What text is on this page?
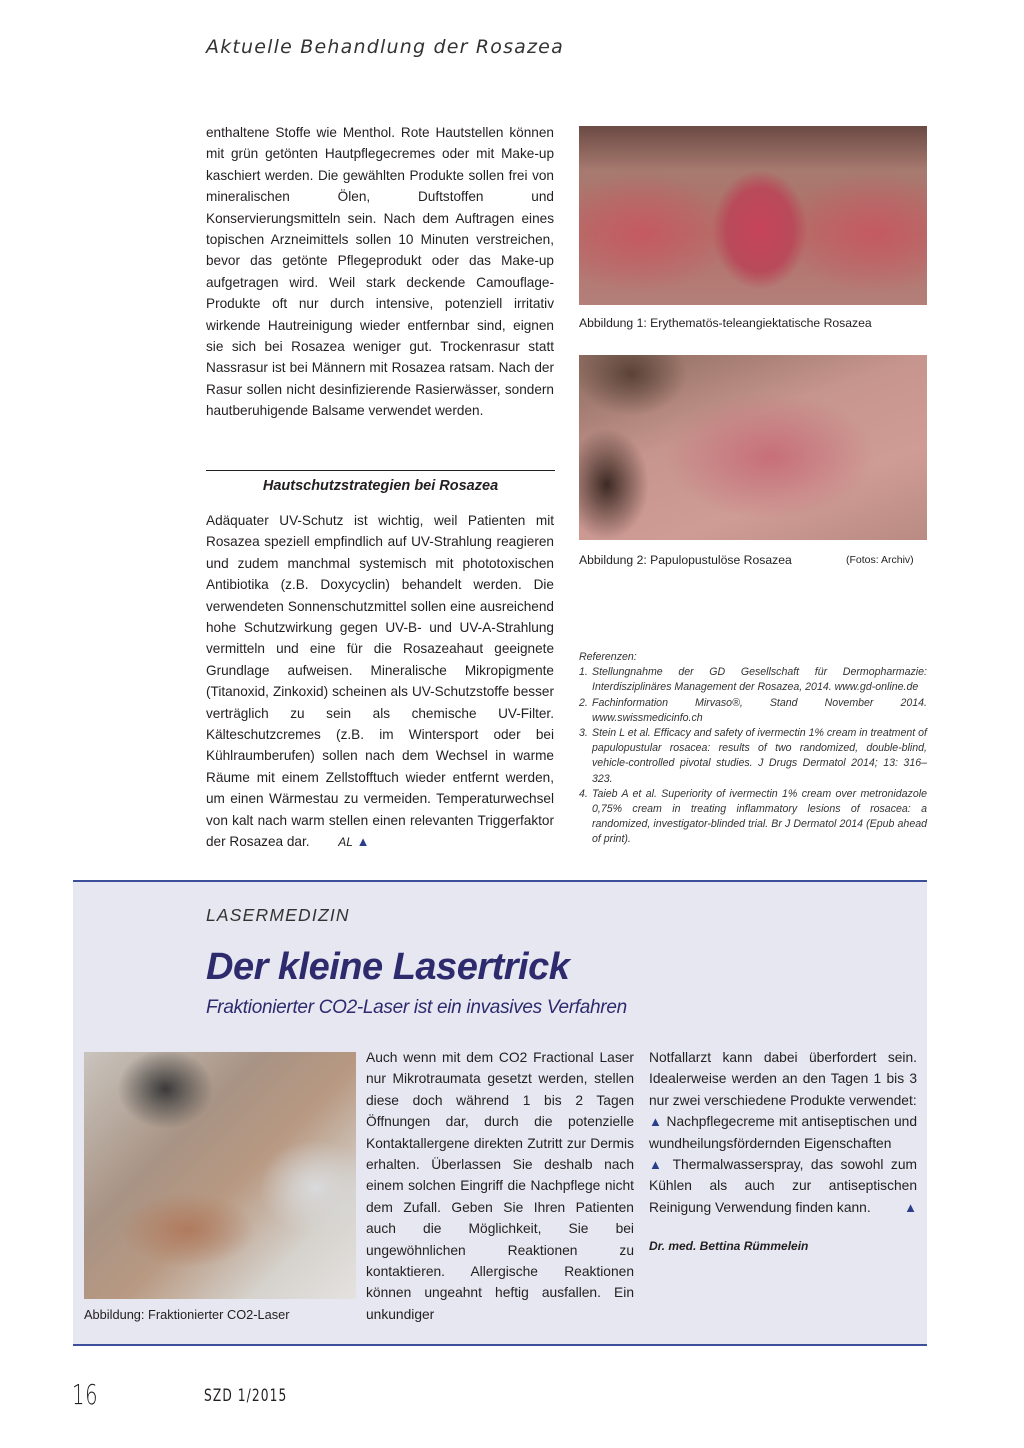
Aktuelle Behandlung der Rosazea

enthaltene Stoffe wie Menthol. Rote Hautstellen können mit grün getönten Hautpflegecremes oder mit Make-up kaschiert werden. Die gewählten Produkte sollen frei von mineralischen Ölen, Duftstoffen und Konservierungsmitteln sein. Nach dem Auftragen eines topischen Arzneimittels sollen 10 Minuten verstreichen, bevor das getönte Pflegeprodukt oder das Make-up aufgetragen wird. Weil stark deckende Camouflage-Produkte oft nur durch intensive, potenziell irritativ wirkende Hautreinigung wieder entfernbar sind, eignen sie sich bei Rosazea weniger gut. Trockenrasur statt Nassrasur ist bei Männern mit Rosazea ratsam. Nach der Rasur sollen nicht desinfizierende Rasierwässer, sondern hautberuhigende Balsame verwendet werden.

Hautschutzstrategien bei Rosazea

Adäquater UV-Schutz ist wichtig, weil Patienten mit Rosazea speziell empfindlich auf UV-Strahlung reagieren und zudem manchmal systemisch mit phototoxischen Antibiotika (z.B. Doxycyclin) behandelt werden. Die verwendeten Sonnenschutzmittel sollen eine ausreichend hohe Schutzwirkung gegen UV-B- und UV-A-Strahlung vermitteln und eine für die Rosazeahaut geeignete Grundlage aufweisen. Mineralische Mikropigmente (Titanoxid, Zinkoxid) scheinen als UV-Schutzstoffe besser verträglich zu sein als chemische UV-Filter. Kälteschutzcremes (z.B. im Wintersport oder bei Kühlraumberufen) sollen nach dem Wechsel in warme Räume mit einem Zellstofftuch wieder entfernt werden, um einen Wärmestau zu vermeiden. Temperaturwechsel von kalt nach warm stellen einen relevanten Triggerfaktor der Rosazea dar. AL ▲

Abbildung 1: Erythematös-teleangiektatische Rosazea
Abbildung 2: Papulopustulöse Rosazea	(Fotos: Archiv)
Referenzen:
1. Stellungnahme der GD Gesellschaft für Dermopharmazie: Interdisziplinäres Management der Rosazea, 2014. www.gd-online.de
2. Fachinformation Mirvaso®, Stand November 2014. www.swissmedicinfo.ch
3. Stein L et al. Efficacy and safety of ivermectin 1% cream in treatment of papulopustular rosacea: results of two randomized, double-blind, vehicle-controlled pivotal studies. J Drugs Dermatol 2014; 13: 316–323.
4. Taieb A et al. Superiority of ivermectin 1% cream over metronidazole 0,75% cream in treating inflammatory lesions of rosacea: a randomized, investigator-blinded trial. Br J Dermatol 2014 (Epub ahead of print).
LASERMEDIZIN
Der kleine Lasertrick
Fraktionierter CO2-Laser ist ein invasives Verfahren
Abbildung: Fraktionierter CO2-Laser
Auch wenn mit dem CO2 Fractional Laser nur Mikrotraumata gesetzt werden, stellen diese doch während 1 bis 2 Tagen Öffnungen dar, durch die potenzielle Kontaktallergene direkten Zutritt zur Dermis erhalten. Überlassen Sie deshalb nach einem solchen Eingriff die Nachpflege nicht dem Zufall. Geben Sie Ihren Patienten auch die Möglichkeit, Sie bei ungewöhnlichen Reaktionen zu kontaktieren. Allergische Reaktionen können ungeahnt heftig ausfallen. Ein unkundiger
Notfallarzt kann dabei überfordert sein. Idealerweise werden an den Tagen 1 bis 3 nur zwei verschiedene Produkte verwendet:
▲ Nachpflegecreme mit antiseptischen und wundheilungsfördernden Eigenschaften
▲ Thermalwasserspray, das sowohl zum Kühlen als auch zur antiseptischen Reinigung Verwendung finden kann.	▲
Dr. med. Bettina Rümmelein
16	SZD 1/2015
